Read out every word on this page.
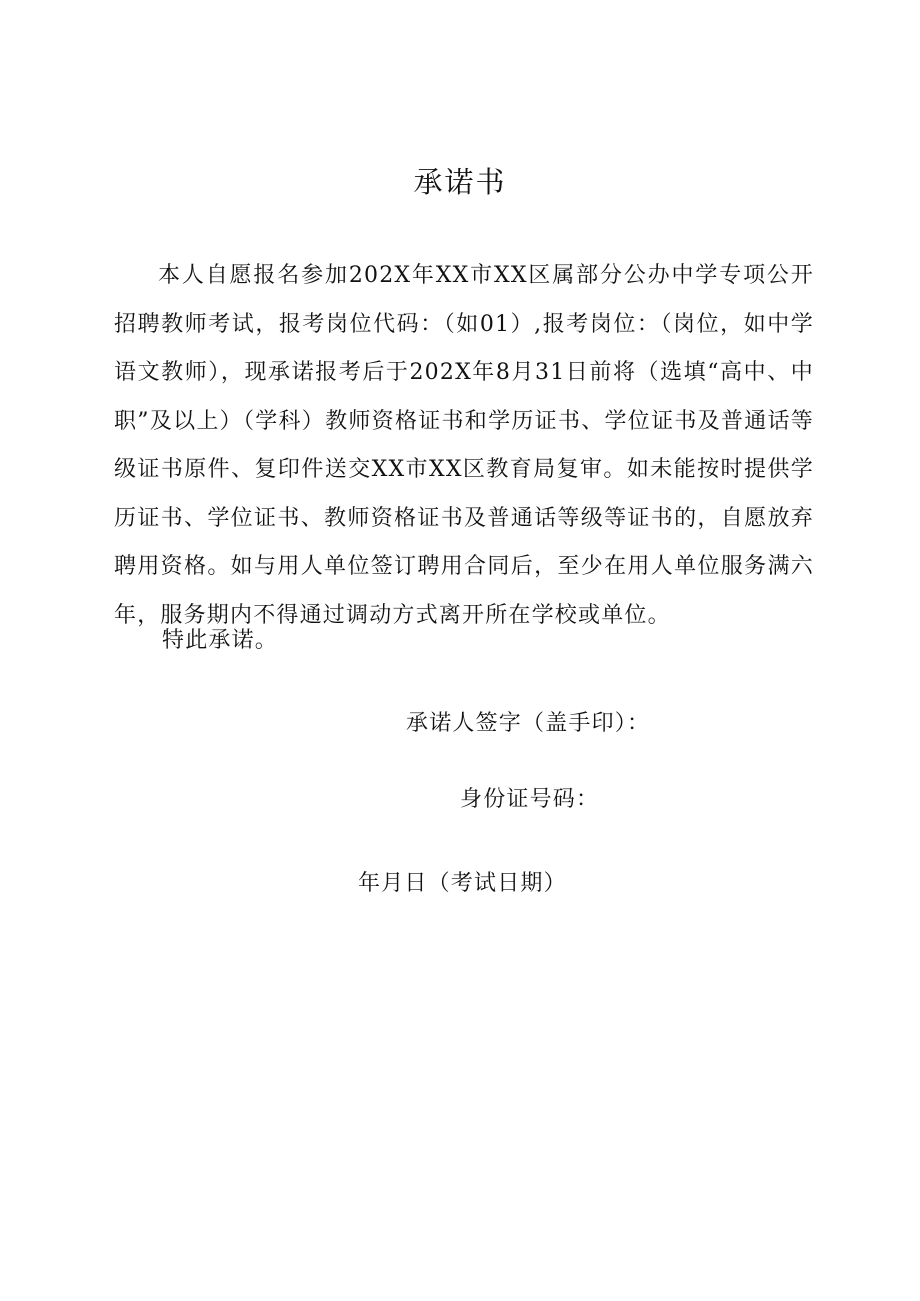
承诺书

本人自愿报名参加202X年XX市XX区属部分公办中学专项公开招聘教师考试，报考岗位代码：（如01）,报考岗位：（岗位，如中学语文教师），现承诺报考后于202X年8月31日前将（选填“高中、中职”及以上）（学科）教师资格证书和学历证书、学位证书及普通话等级证书原件、复印件送交XX市XX区教育局复审。如未能按时提供学历证书、学位证书、教师资格证书及普通话等级等证书的，自愿放弃聘用资格。如与用人单位签订聘用合同后，至少在用人单位服务满六年，服务期内不得通过调动方式离开所在学校或单位。

特此承诺。

承诺人签字（盖手印）：

身份证号码：

年月日（考试日期）
